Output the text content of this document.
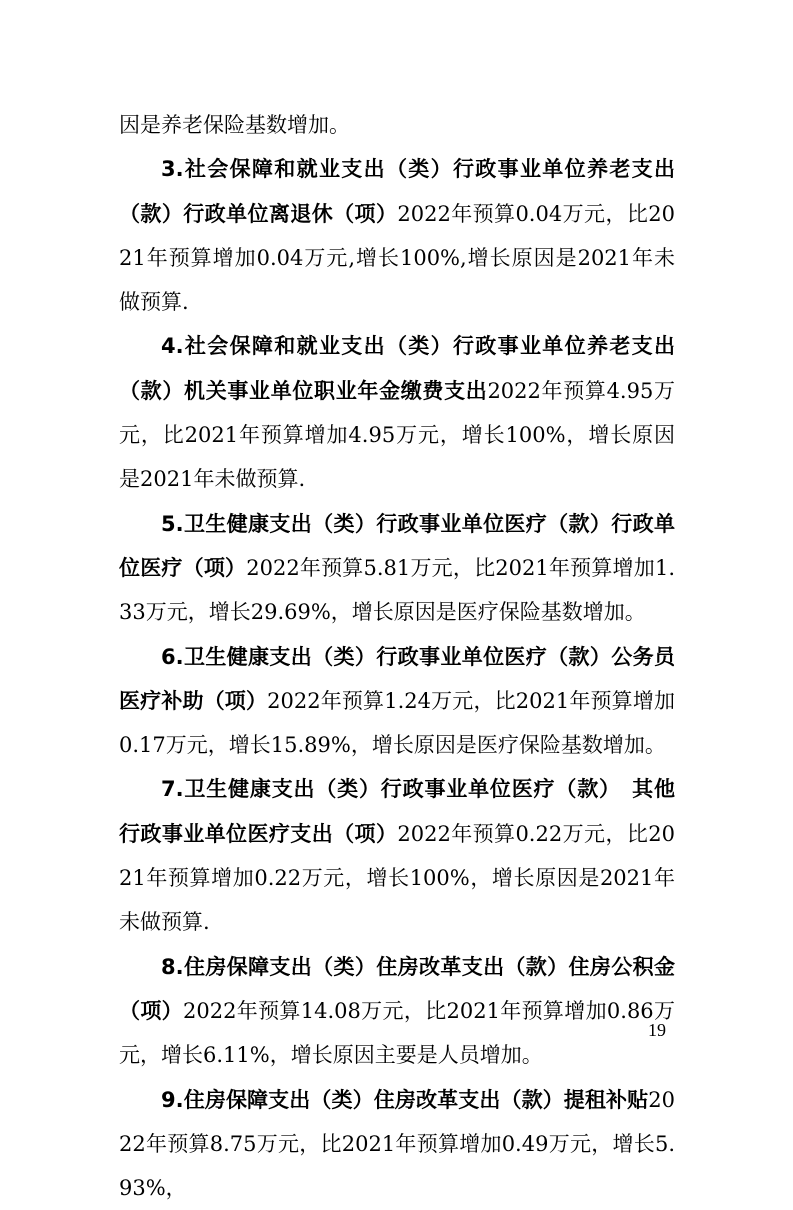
因是养老保险基数增加。

3.社会保障和就业支出（类）行政事业单位养老支出（款）行政单位离退休（项）2022年预算0.04万元，比2021年预算增加0.04万元,增长100%,增长原因是2021年未做预算.

4.社会保障和就业支出（类）行政事业单位养老支出（款）机关事业单位职业年金缴费支出2022年预算4.95万元，比2021年预算增加4.95万元，增长100%，增长原因是2021年未做预算.

5.卫生健康支出（类）行政事业单位医疗（款）行政单位医疗（项）2022年预算5.81万元，比2021年预算增加1.33万元，增长29.69%，增长原因是医疗保险基数增加。

6.卫生健康支出（类）行政事业单位医疗（款）公务员医疗补助（项）2022年预算1.24万元，比2021年预算增加0.17万元，增长15.89%，增长原因是医疗保险基数增加。

7.卫生健康支出（类）行政事业单位医疗（款）　其他行政事业单位医疗支出（项）2022年预算0.22万元，比2021年预算增加0.22万元，增长100%，增长原因是2021年未做预算.

8.住房保障支出（类）住房改革支出（款）住房公积金（项）2022年预算14.08万元，比2021年预算增加0.86万元，增长6.11%，增长原因主要是人员增加。

9.住房保障支出（类）住房改革支出（款）提租补贴2022年预算8.75万元，比2021年预算增加0.49万元，增长5.93%，

19
